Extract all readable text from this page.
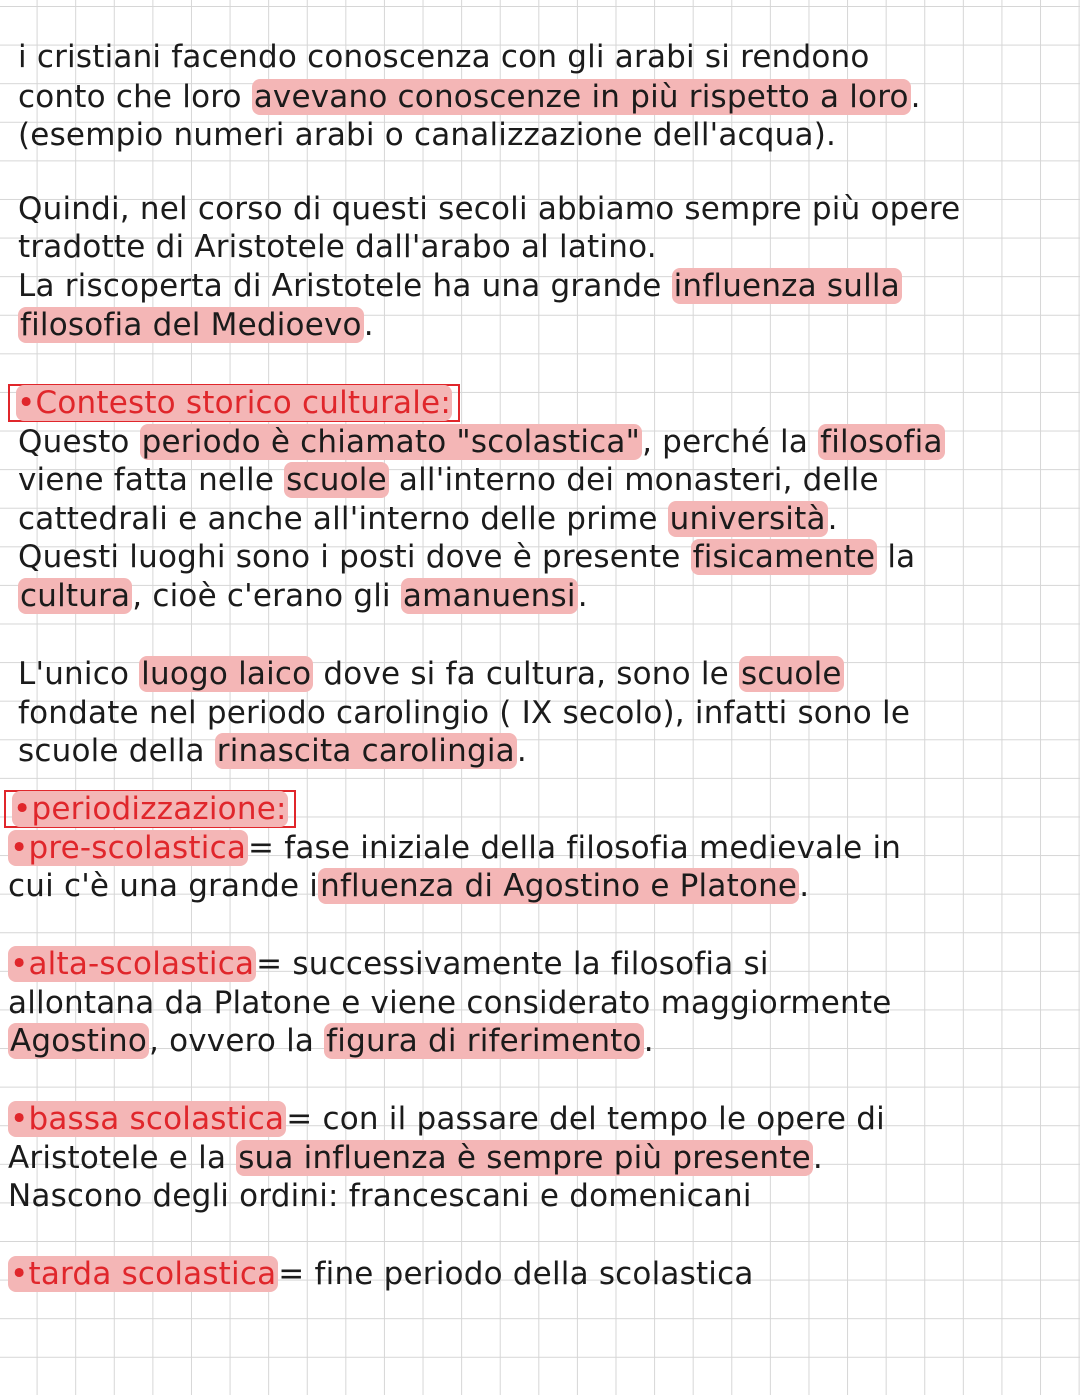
i cristiani facendo conoscenza con gli arabi si rendono
conto che loro avevano conoscenze in più rispetto a loro.
(esempio numeri arabi o canalizzazione dell'acqua).
Quindi, nel corso di questi secoli abbiamo sempre più opere
tradotte di Aristotele dall'arabo al latino.
La riscoperta di Aristotele ha una grande influenza sulla
filosofia del Medioevo.
•Contesto storico culturale:
Questo periodo è chiamato "scolastica", perché la filosofia
viene fatta nelle scuole all'interno dei monasteri, delle
cattedrali e anche all'interno delle prime università.
Questi luoghi sono i posti dove è presente fisicamente la
cultura, cioè c'erano gli amanuensi.
L'unico luogo laico dove si fa cultura, sono le scuole
fondate nel periodo carolingio ( IX secolo), infatti sono le
scuole della rinascita carolingia.
•periodizzazione:
•pre-scolastica= fase iniziale della filosofia medievale in
cui c'è una grande influenza di Agostino e Platone.
•alta-scolastica= successivamente la filosofia si
allontana da Platone e viene considerato maggiormente
Agostino, ovvero la figura di riferimento.
•bassa scolastica= con il passare del tempo le opere di
Aristotele e la sua influenza è sempre più presente.
Nascono degli ordini: francescani e domenicani
•tarda scolastica= fine periodo della scolastica
